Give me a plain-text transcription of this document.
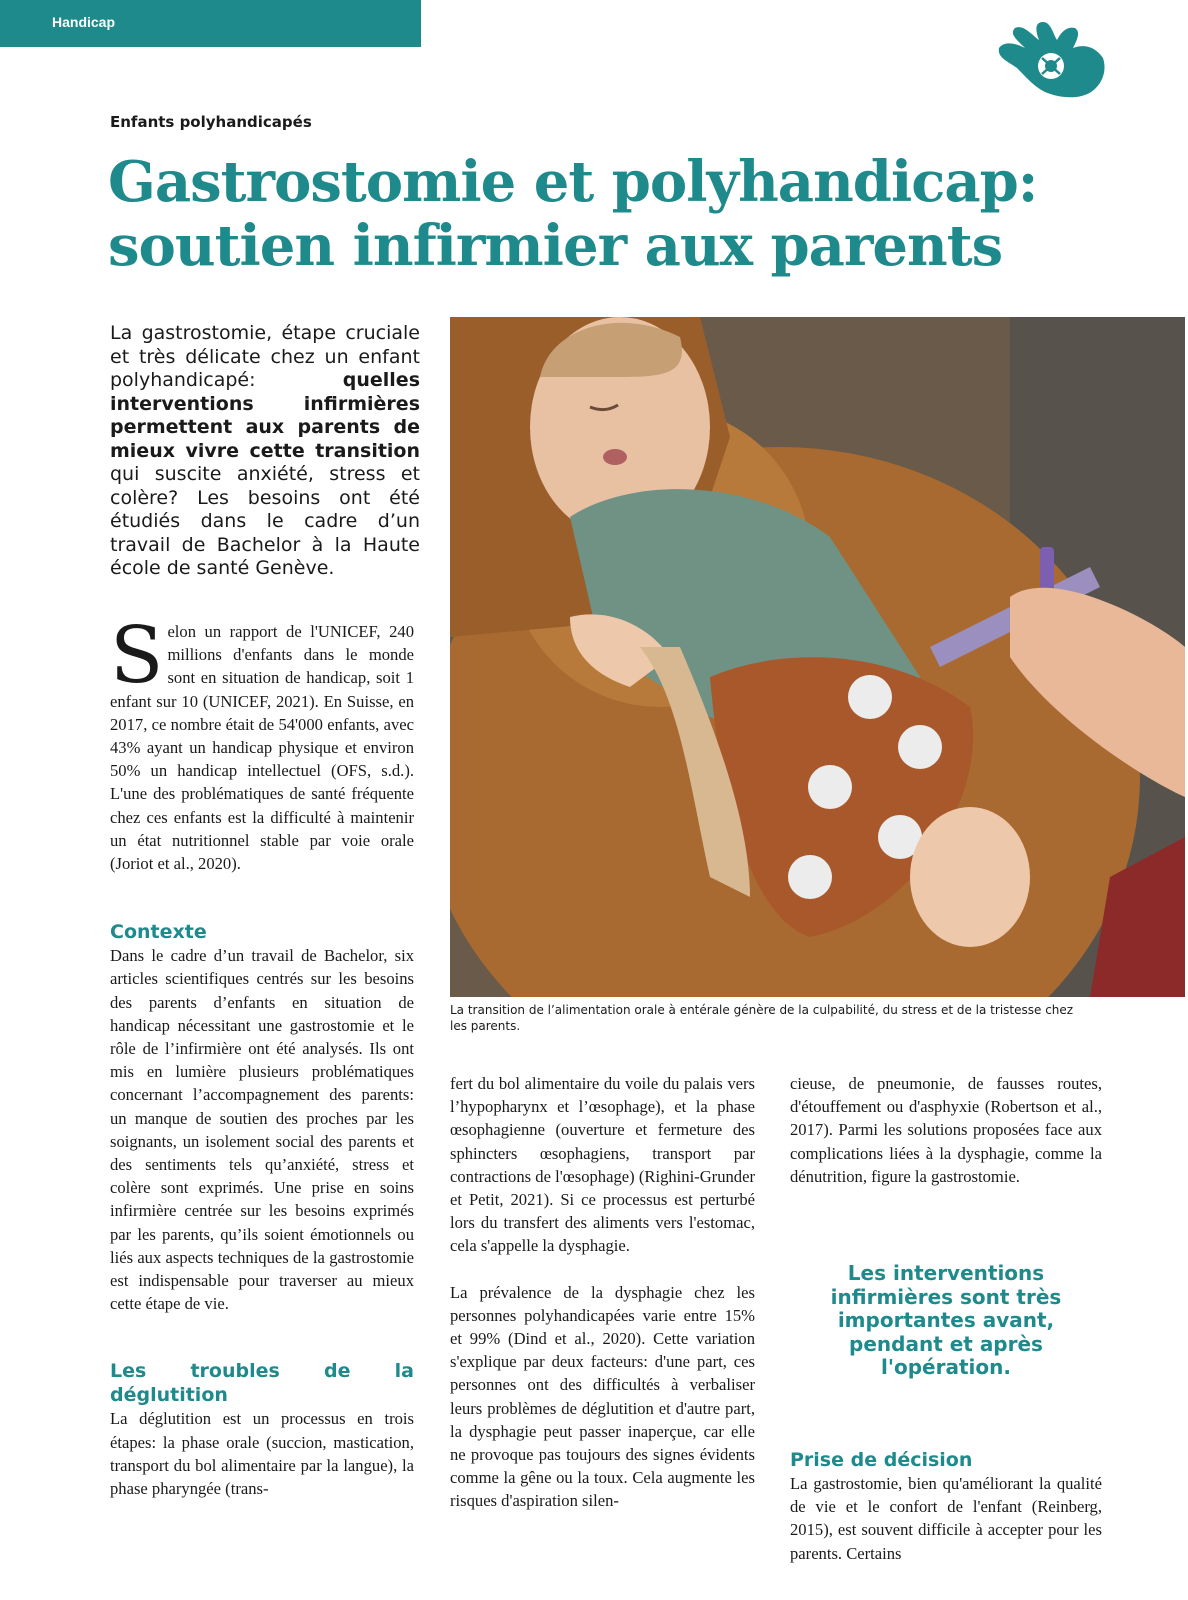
Handicap
Enfants polyhandicapés
Gastrostomie et polyhandicap:
soutien infirmier aux parents

La gastrostomie, étape cruciale et très délicate chez un enfant polyhandicapé: quelles interventions infirmières permettent aux parents de mieux vivre cette transition qui suscite anxiété, stress et colère? Les besoins ont été étudiés dans le cadre d’un travail de Bachelor à la Haute école de santé Genève.

La transition de l’alimentation orale à entérale génère de la culpabilité, du stress et de la tristesse chez les parents.

Selon un rapport de l'UNICEF, 240 millions d'enfants dans le monde sont en situation de handicap, soit 1 enfant sur 10 (UNICEF, 2021). En Suisse, en 2017, ce nombre était de 54'000 enfants, avec 43% ayant un handicap physique et environ 50% un handicap intellectuel (OFS, s.d.). L'une des problématiques de santé fréquente chez ces enfants est la difficulté à maintenir un état nutritionnel stable par voie orale (Joriot et al., 2020).

Contexte

Dans le cadre d’un travail de Bachelor, six articles scientifiques centrés sur les besoins des parents d’enfants en situation de handicap nécessitant une gastrostomie et le rôle de l’infirmière ont été analysés. Ils ont mis en lumière plusieurs problématiques concernant l’accompagnement des parents: un manque de soutien des proches par les soignants, un isolement social des parents et des sentiments tels qu’anxiété, stress et colère sont exprimés. Une prise en soins infirmière centrée sur les besoins exprimés par les parents, qu’ils soient émotionnels ou liés aux aspects techniques de la gastrostomie est indispensable pour traverser au mieux cette étape de vie.

Les troubles de la déglutition

La déglutition est un processus en trois étapes: la phase orale (succion, mastication, transport du bol alimentaire par la langue), la phase pharyngée (trans-

fert du bol alimentaire du voile du palais vers l’hypopharynx et l’œsophage), et la phase œsophagienne (ouverture et fermeture des sphincters œsophagiens, transport par contractions de l'œsophage) (Righini-Grunder et Petit, 2021). Si ce processus est perturbé lors du transfert des aliments vers l'estomac, cela s'appelle la dysphagie.

La prévalence de la dysphagie chez les personnes polyhandicapées varie entre 15% et 99% (Dind et al., 2020). Cette variation s'explique par deux facteurs: d'une part, ces personnes ont des difficultés à verbaliser leurs problèmes de déglutition et d'autre part, la dysphagie peut passer inaperçue, car elle ne provoque pas toujours des signes évidents comme la gêne ou la toux. Cela augmente les risques d'aspiration silen-

cieuse, de pneumonie, de fausses routes, d'étouffement ou d'asphyxie (Robertson et al., 2017). Parmi les solutions proposées face aux complications liées à la dysphagie, comme la dénutrition, figure la gastrostomie.

Les interventions infirmières sont très importantes avant, pendant et après l'opération.

Prise de décision

La gastrostomie, bien qu'améliorant la qualité de vie et le confort de l'enfant (Reinberg, 2015), est souvent difficile à accepter pour les parents. Certains
